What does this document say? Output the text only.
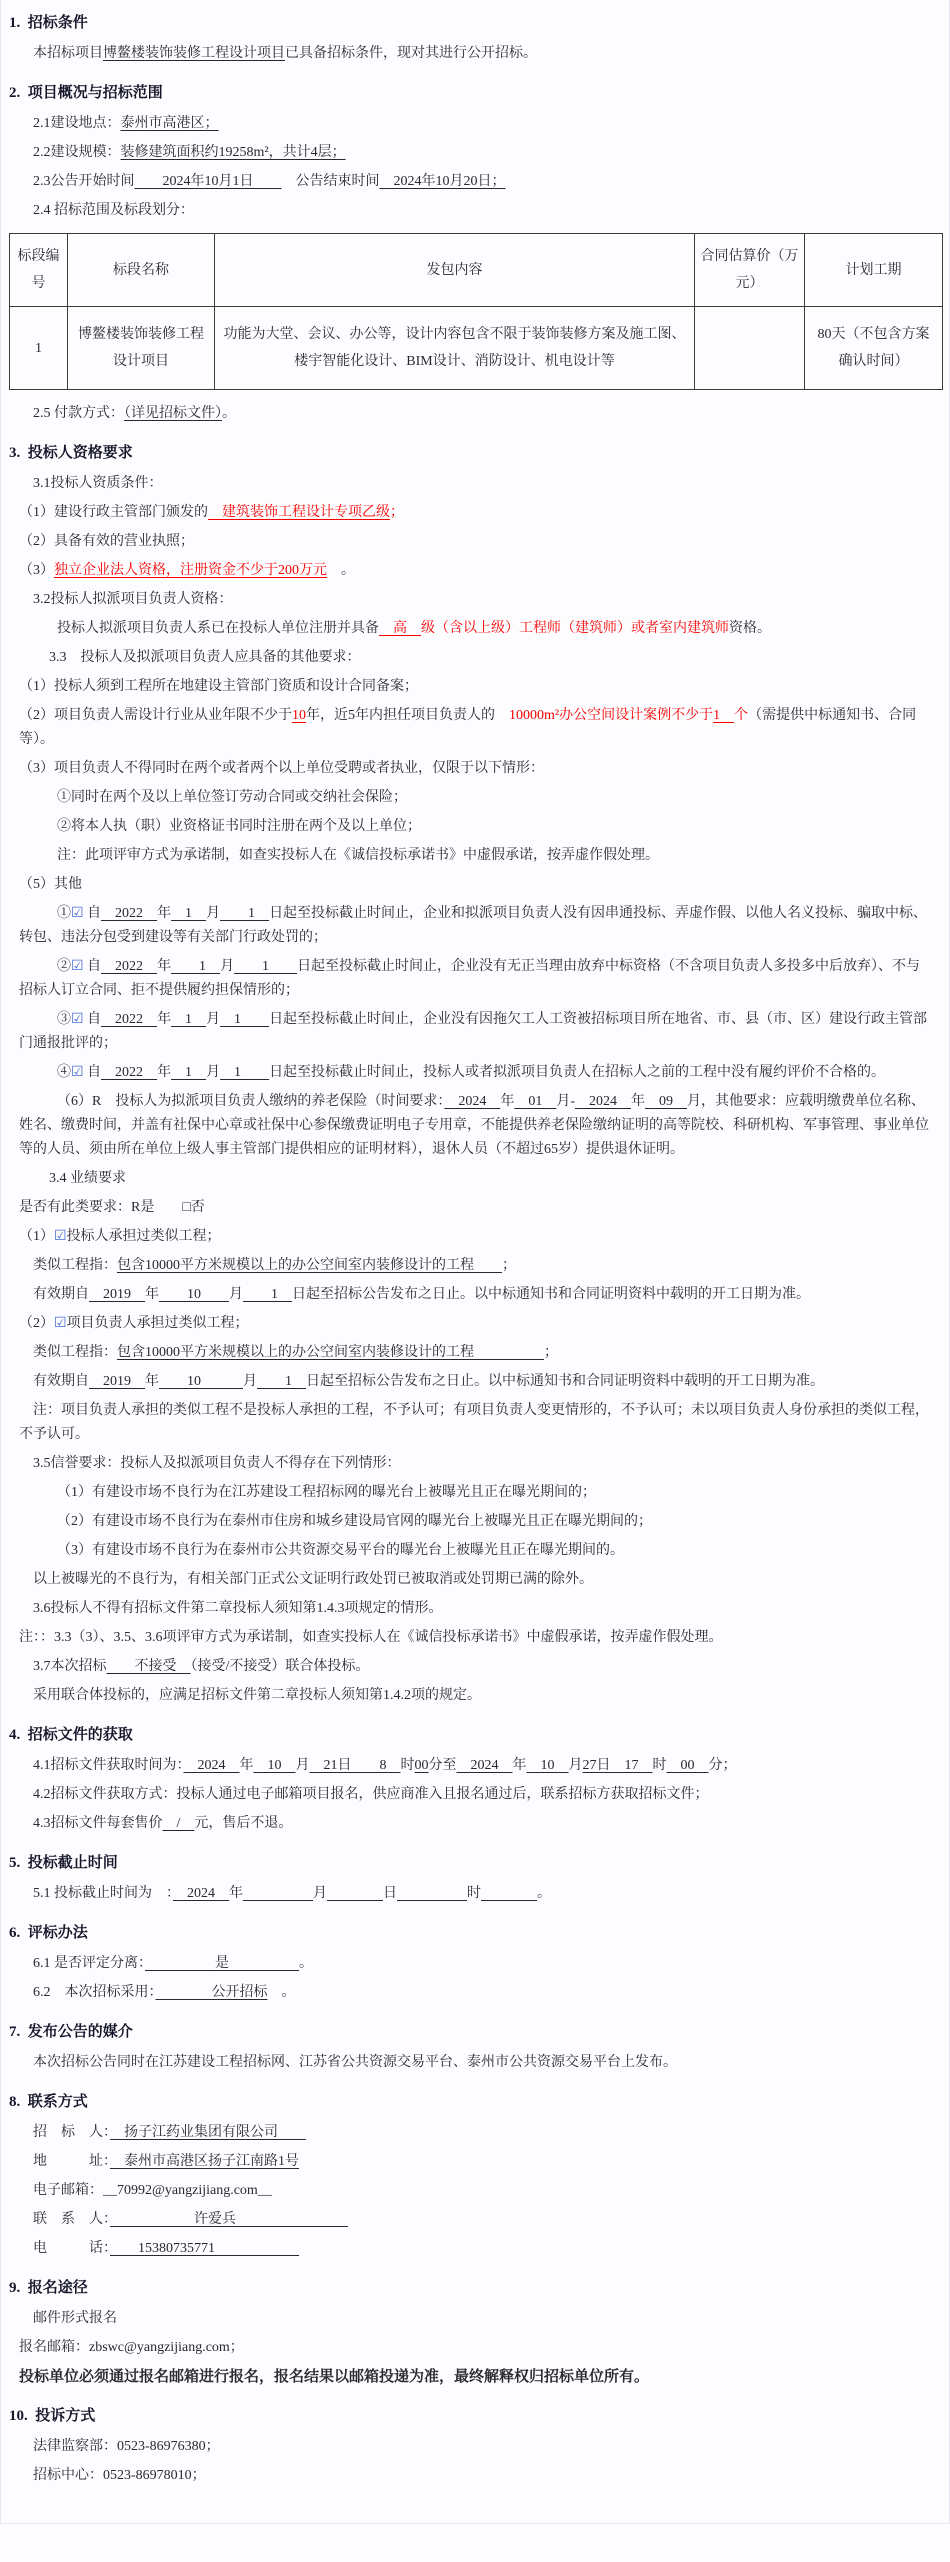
1.  招标条件

本招标项目博鳌楼装饰装修工程设计项目已具备招标条件，现对其进行公开招标。

2.  项目概况与招标范围

2.1建设地点：泰州市高港区；

2.2建设规模：装修建筑面积约19258m²，共计4层；

2.3公告开始时间　　2024年10月1日　　　公告结束时间　2024年10月20日；

2.4 招标范围及标段划分：

标段编号	标段名称	发包内容	合同估算价（万元）	计划工期
1	博鳌楼装饰装修工程设计项目	功能为大堂、会议、办公等，设计内容包含不限于装饰装修方案及施工图、楼宇智能化设计、BIM设计、消防设计、机电设计等		80天（不包含方案确认时间）

2.5 付款方式：（详见招标文件）。

3.  投标人资格要求

3.1投标人资质条件：

（1）建设行政主管部门颁发的　建筑装饰工程设计专项乙级；

（2）具备有效的营业执照；

（3）独立企业法人资格，注册资金不少于200万元　。

3.2投标人拟派项目负责人资格：

投标人拟派项目负责人系已在投标人单位注册并具备　高　级（含以上级）工程师（建筑师）或者室内建筑师资格。

3.3　投标人及拟派项目负责人应具备的其他要求：

（1）投标人须到工程所在地建设主管部门资质和设计合同备案；

（2）项目负责人需设计行业从业年限不少于10年，近5年内担任项目负责人的　10000m²办公空间设计案例不少于1　个（需提供中标通知书、合同等）。

（3）项目负责人不得同时在两个或者两个以上单位受聘或者执业，仅限于以下情形：

①同时在两个及以上单位签订劳动合同或交纳社会保险；

②将本人执（职）业资格证书同时注册在两个及以上单位；

注：此项评审方式为承诺制，如查实投标人在《诚信投标承诺书》中虚假承诺，按弄虚作假处理。

（5）其他

①☑ 自　2022　年　1　月　　1　日起至投标截止时间止，企业和拟派项目负责人没有因串通投标、弄虚作假、以他人名义投标、骗取中标、转包、违法分包受到建设等有关部门行政处罚的；

②☑ 自　2022　年　　1　月　　1　　日起至投标截止时间止，企业没有无正当理由放弃中标资格（不含项目负责人多投多中后放弃）、不与招标人订立合同、拒不提供履约担保情形的；

③☑ 自　2022　年　1　月　1　　日起至投标截止时间止，企业没有因拖欠工人工资被招标项目所在地省、市、县（市、区）建设行政主管部门通报批评的；

④☑ 自　2022　年　1　月　1　　日起至投标截止时间止，投标人或者拟派项目负责人在招标人之前的工程中没有履约评价不合格的。

（6）R　投标人为拟派项目负责人缴纳的养老保险（时间要求：　2024　年　01　月-　2024　年　09　月，其他要求：应载明缴费单位名称、姓名、缴费时间，并盖有社保中心章或社保中心参保缴费证明电子专用章，不能提供养老保险缴纳证明的高等院校、科研机构、军事管理、事业单位等的人员、须由所在单位上级人事主管部门提供相应的证明材料），退休人员（不超过65岁）提供退休证明。

3.4 业绩要求

是否有此类要求：R是　　□否

（1）☑投标人承担过类似工程；

类似工程指：包含10000平方米规模以上的办公空间室内装修设计的工程　　；

有效期自　2019　年　　10　　月　　1　日起至招标公告发布之日止。以中标通知书和合同证明资料中载明的开工日期为准。

（2）☑项目负责人承担过类似工程；

类似工程指：包含10000平方米规模以上的办公空间室内装修设计的工程　　　　　；

有效期自　2019　年　　10　　　月　　1　日起至招标公告发布之日止。以中标通知书和合同证明资料中载明的开工日期为准。

注：项目负责人承担的类似工程不是投标人承担的工程，不予认可；有项目负责人变更情形的，不予认可；未以项目负责人身份承担的类似工程，不予认可。

3.5信誉要求：投标人及拟派项目负责人不得存在下列情形：

（1）有建设市场不良行为在江苏建设工程招标网的曝光台上被曝光且正在曝光期间的；

（2）有建设市场不良行为在泰州市住房和城乡建设局官网的曝光台上被曝光且正在曝光期间的；

（3）有建设市场不良行为在泰州市公共资源交易平台的曝光台上被曝光且正在曝光期间的。

以上被曝光的不良行为，有相关部门正式公文证明行政处罚已被取消或处罚期已满的除外。

3.6投标人不得有招标文件第二章投标人须知第1.4.3项规定的情形。

注：：3.3（3）、3.5、3.6项评审方式为承诺制，如查实投标人在《诚信投标承诺书》中虚假承诺，按弄虚作假处理。

3.7本次招标　　不接受　（接受/不接受）联合体投标。

采用联合体投标的，应满足招标文件第二章投标人须知第1.4.2项的规定。

4.  招标文件的获取

4.1招标文件获取时间为：　2024　年　10　月　21日　　8　时00分至　2024　年　10　月27日　17　时　00　分；

4.2招标文件获取方式：投标人通过电子邮箱项目报名，供应商准入且报名通过后，联系招标方获取招标文件；

4.3招标文件每套售价　/　元，售后不退。

5.  投标截止时间

5.1 投标截止时间为　：　2024　年　　　　　	月　　　　	日　　　　　	时　　　　	。

6.  评标办法

6.1 是否评定分离：　　　　　是　　　　　。

6.2　本次招标采用：　　　　公开招标　。

7.  发布公告的媒介

本次招标公告同时在江苏建设工程招标网、江苏省公共资源交易平台、泰州市公共资源交易平台上发布。

8.  联系方式

招　标　人：　扬子江药业集团有限公司　　

地　　　址：　泰州市高港区扬子江南路1号

电子邮箱：__70992@yangzijiang.com__

联　系　人：　　　　　　许爱兵　　　　　　　　

电　　　话：　　15380735771　　　　　　

9.  报名途径

邮件形式报名

报名邮箱：zbswc@yangzijiang.com；

投标单位必须通过报名邮箱进行报名，报名结果以邮箱投递为准，最终解释权归招标单位所有。

10.  投诉方式

法律监察部：0523-86976380；

招标中心：0523-86978010；
